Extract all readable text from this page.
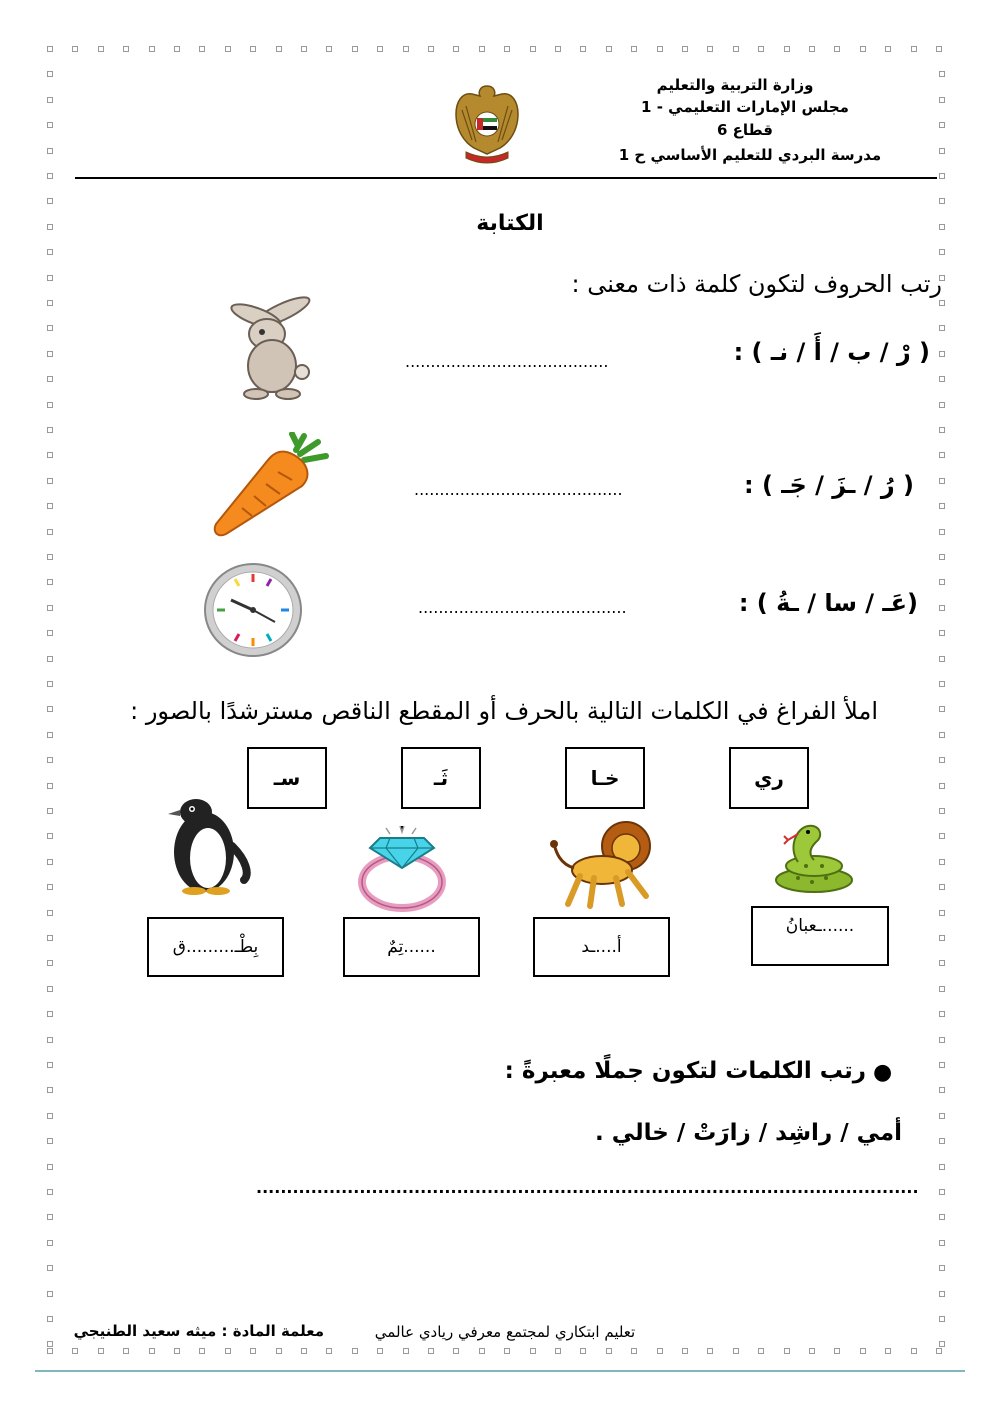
وزارة التربية والتعليم
مجلس الإمارات التعليمي - 1
قطاع 6
مدرسة البردي للتعليم الأساسي ح 1
الكتابة
رتب الحروف لتكون كلمة ذات معنى :
( رْ / ب / أَ / نـ ) :
........................................
( رُ / ـزَ / جَـ ) :
.........................................
(عَـ / سا / ـةُ ) :
.........................................
املأ الفراغ في الكلمات التالية بالحرف أو المقطع الناقص مسترشدًا بالصور :
ري
خـا
ثَـ
سـ
......ـعبانُ
أ....ـد
......تِمٌ
بِطْـ.........ق
●
رتب الكلمات لتكون جملًا معبرةً :
أمي / راشِد / زارَتْ / خالي .
.............................................................................................................
تعليم ابتكاري لمجتمع معرفي ريادي عالمي
معلمة المادة : ميثه سعيد الطنيجي
